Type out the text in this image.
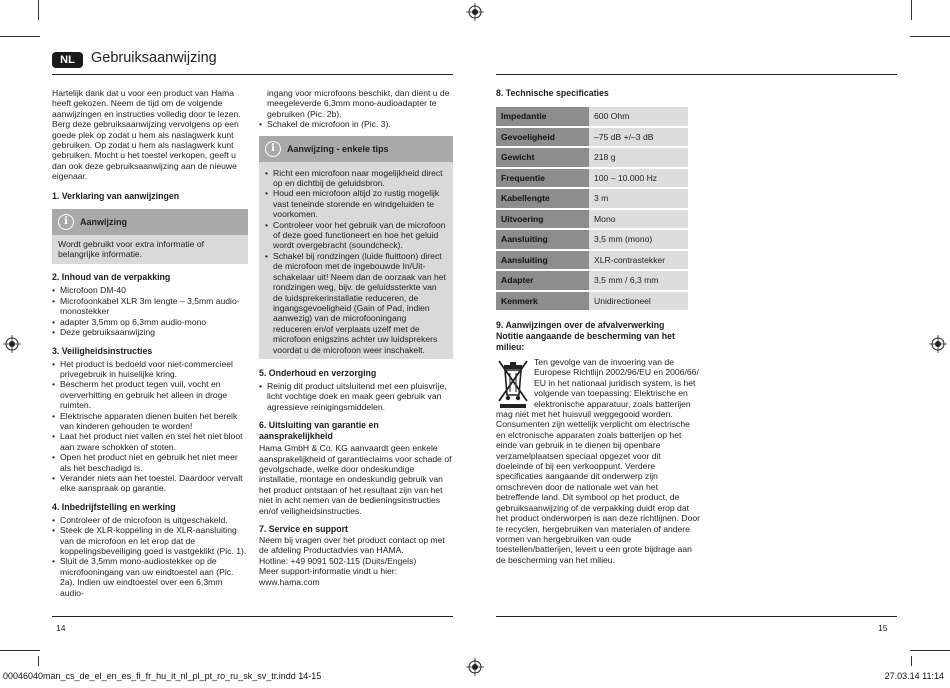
NL	Gebruiksaanwijzing

Hartelijk dank dat u voor een product van Hama heeft gekozen. Neem de tijd om de volgende aanwijzingen en instructies volledig door te lezen. Berg deze gebruiksaanwijzing vervolgens op een goede plek op zodat u hem als naslagwerk kunt gebruiken. Op zodat u hem als naslagwerk kunt gebruiken. Mocht u het toestel verkopen, geeft u dan ook deze gebruiksaanwijzing aan de nieuwe eigenaar.

1. Verklaring van aanwijzingen
i	Aanwijzing
Wordt gebruikt voor extra informatie of belangrijke informatie.
2. Inhoud van de verpakking
• Microfoon DM-40
• Microfoonkabel XLR 3m lengte – 3,5mm audio-monostekker
• adapter 3,5mm op 6,3mm audio-mono
• Deze gebruiksaanwijzing
3. Veiligheidsinstructies
• Het product is bedoeld voor niet-commercieel privegebruik in huiselijke kring.
• Bescherm het product tegen vuil, vocht en oververhitting en gebruik het alleen in droge ruimten.
• Elektrische apparaten dienen buiten het bereik van kinderen gehouden te worden!
• Laat het product niet vallen en stel het niet bloot aan zware schokken of stoten.
• Open het product niet en gebruik het niet meer als het beschadigd is.
• Verander niets aan het toestel. Daardoor vervalt elke aanspraak op garantie.
4. Inbedrijfstelling en werking
• Controleer of de microfoon is uitgeschakeld.
• Steek de XLR-koppeling in de XLR-aansluiting van de microfoon en let erop dat de koppelingsbeveiliging goed is vastgeklikt (Pic. 1).
• Sluit de 3,5mm mono-audiostekker op de microfooningang van uw eindtoestel aan (Pic. 2a). Indien uw eindtoestel over een 6,3mm audio-
14

ingang voor microfoons beschikt, dan dient u de meegeleverde 6,3mm mono-audioadapter te gebruiken (Pic. 2b).

• Schakel de microfoon in (Pic. 3).
i	Aanwijzing - enkele tips
• Richt een microfoon naar mogelijkheid direct op en dichtbij de geluidsbron.
• Houd een microfoon altijd zo rustig mogelijk vast teneinde storende en windgeluiden te voorkomen.
• Controleer voor het gebruik van de microfoon of deze goed functioneert en hoe het geluid wordt overgebracht (soundcheck).
• Schakel bij rondzingen (luide fluittoon) direct de microfoon met de ingebouwde In/Uit-schakelaar uit! Neem dan de oorzaak van het rondzingen weg, bijv. de geluidssterkte van de luidsprekerinstallatie reduceren, de ingangsgevoeligheid (Gain of Pad, indien aanwezig) van de microfooningang reduceren en/of verplaats uzelf met de microfoon enigszins achter uw luidsprekers voordat u de microfoon weer inschakelt.
5. Onderhoud en verzorging
• Reinig dit product uitsluitend met een pluisvrije, licht vochtige doek en maak geen gebruik van agressieve reinigingsmiddelen.
6. Uitsluiting van garantie en aansprakelijkheid

Hama GmbH & Co. KG aanvaardt geen enkele aansprakelijkheid of garantieclaims voor schade of gevolgschade, welke door ondeskundige installatie, montage en ondeskundig gebruik van het product ontstaan of het resultaat zijn van het niet in acht nemen van de bedieningsinstructies en/of veiligheidsinstructies.

7. Service en support

Neem bij vragen over het product contact op met de afdeling Productadvies van HAMA.

Hotline: +49 9091 502-115 (Duits/Engels)

Meer support-informatie vindt u hier:

www.hama.com

8. Technische specificaties
Impedantie	600 Ohm
Gevoeligheid	–75 dB +/–3 dB
Gewicht	218 g
Frequentie	100 – 10.000 Hz
Kabellengte	3 m
Uitvoering	Mono
Aansluiting	3,5 mm (mono)
Aansluiting	XLR-contrastekker
Adapter	3,5 mm / 6,3 mm
Kenmerk	Unidirectioneel
9. Aanwijzingen over de afvalverwerking
Notitie aangaande de bescherming van het milieu:

Ten gevolge van de invoering van de

Europese Richtlijn 2002/96/EU en 2006/66/

EU in het nationaal juridisch system, is het

volgende van toepassing: Elektrische en

elektronische apparatuur, zoals batterijen

mag niet met het huisvuil weggegooid worden. Consumenten zijn wettelijk verplicht om electrische en elctronische apparaten zoals batterijen op het einde van gebruik in te dienen bij openbare verzamelplaatsen speciaal opgezet voor dit doeleinde of bij een verkooppunt. Verdere specificaties aangaande dit onderwerp zijn omschreven door de nationale wet van het betreffende land. Dit symbool op het product, de gebruiksaanwijzing of de verpakking duidt erop dat het product onderworpen is aan deze richtlijnen. Door te recyclen, hergebruiken van materialen of andere vormen van hergebruiken van oude toestellen/batterijen, levert u een grote bijdrage aan de bescherming van het milieu.

15
00046040man_cs_de_el_en_es_fi_fr_hu_it_nl_pl_pt_ro_ru_sk_sv_tr.indd 14-15	27.03.14 11:14
